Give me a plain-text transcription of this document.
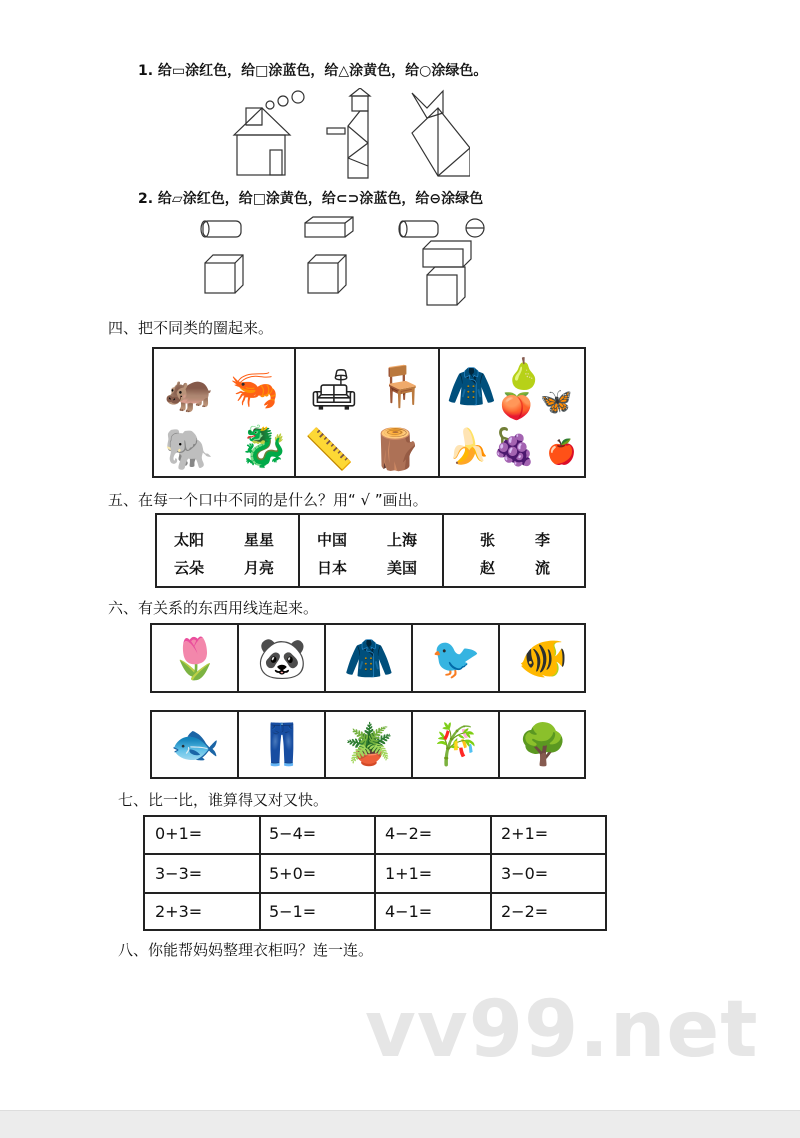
1. 给▭涂红色，给□涂蓝色，给△涂黄色，给○涂绿色。
2. 给▱涂红色，给□涂黄色，给⊂⊃涂蓝色，给⊖涂绿色
四、把不同类的圈起来。
🦛 🦐
🐉
🐘
🛋 🪑
📏 🪵
🧥 🍐
🍑 🦋
🍌 🍇 🍎
五、在每一个口中不同的是什么？用“ √ ”画出。
太阳	星星
云朵	月亮
中国	上海
日本	美国
张	李
赵	流
六、有关系的东西用线连起来。
🌷 🐼 🧥 🐦 🐠
🐟 👖 🪴 🎋 🌳
七、比一比，谁算得又对又快。
0+1=	5−4=	4−2=	2+1=
3−3=	5+0=	1+1=	3−0=
2+3=	5−1=	4−1=	2−2=
八、你能帮妈妈整理衣柜吗？连一连。
vv99.net
